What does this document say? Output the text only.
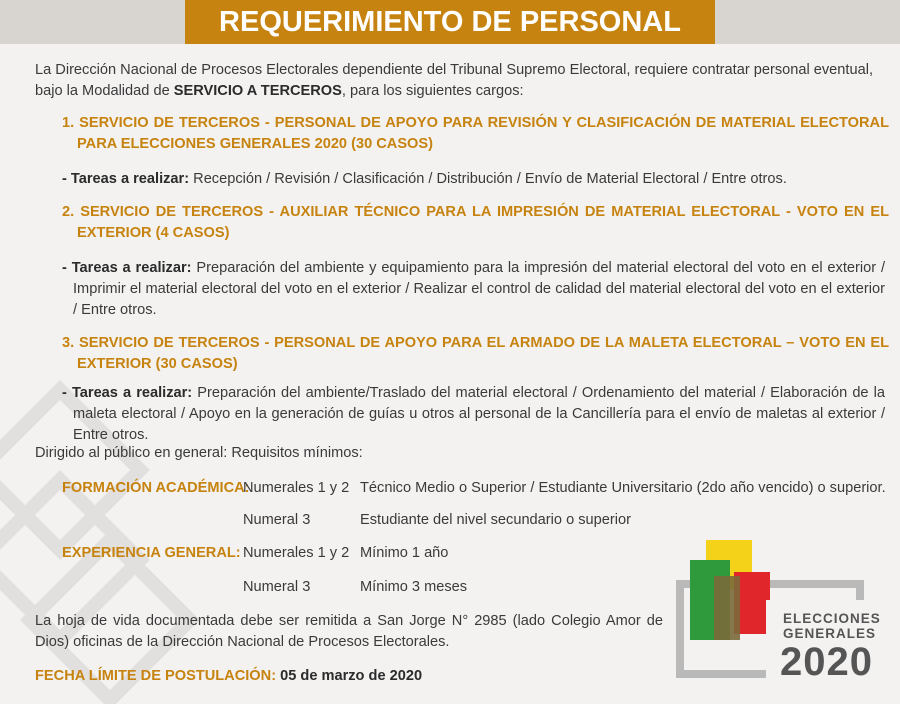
REQUERIMIENTO DE PERSONAL
La Dirección Nacional de Procesos Electorales dependiente del Tribunal Supremo Electoral, requiere contratar personal eventual, bajo la Modalidad de SERVICIO A TERCEROS, para los siguientes cargos:
1. SERVICIO DE TERCEROS - PERSONAL DE APOYO PARA REVISIÓN Y CLASIFICACIÓN DE MATERIAL ELECTORAL PARA ELECCIONES GENERALES 2020 (30 CASOS)
- Tareas a realizar: Recepción / Revisión / Clasificación / Distribución / Envío de Material Electoral / Entre otros.
2. SERVICIO DE TERCEROS - AUXILIAR TÉCNICO PARA LA IMPRESIÓN DE MATERIAL ELECTORAL - VOTO EN EL EXTERIOR (4 CASOS)
- Tareas a realizar: Preparación del ambiente y equipamiento para la impresión del material electoral del voto en el exterior / Imprimir el material electoral del voto en el exterior / Realizar el control de calidad del material electoral del voto en el exterior / Entre otros.
3. SERVICIO DE TERCEROS - PERSONAL DE APOYO PARA EL ARMADO DE LA MALETA ELECTORAL – VOTO EN EL EXTERIOR (30 CASOS)
- Tareas a realizar: Preparación del ambiente/Traslado del material electoral / Ordenamiento del material / Elaboración de la maleta electoral / Apoyo en la generación de guías u otros al personal de la Cancillería para el envío de maletas al exterior / Entre otros.
Dirigido al público en general: Requisitos mínimos:
FORMACIÓN ACADÉMICA:
Numerales 1 y 2 Técnico Medio o Superior / Estudiante Universitario (2do año vencido) o superior.
Numeral 3	Estudiante del nivel secundario o superior
EXPERIENCIA GENERAL: Numerales 1 y 2 Mínimo 1 año
Numeral 3	Mínimo 3 meses
La hoja de vida documentada debe ser remitida a San Jorge N° 2985 (lado Colegio Amor de Dios) oficinas de la Dirección Nacional de Procesos Electorales.
FECHA LÍMITE DE POSTULACIÓN: 05 de marzo de 2020
ELECCIONES
GENERALES
2020
